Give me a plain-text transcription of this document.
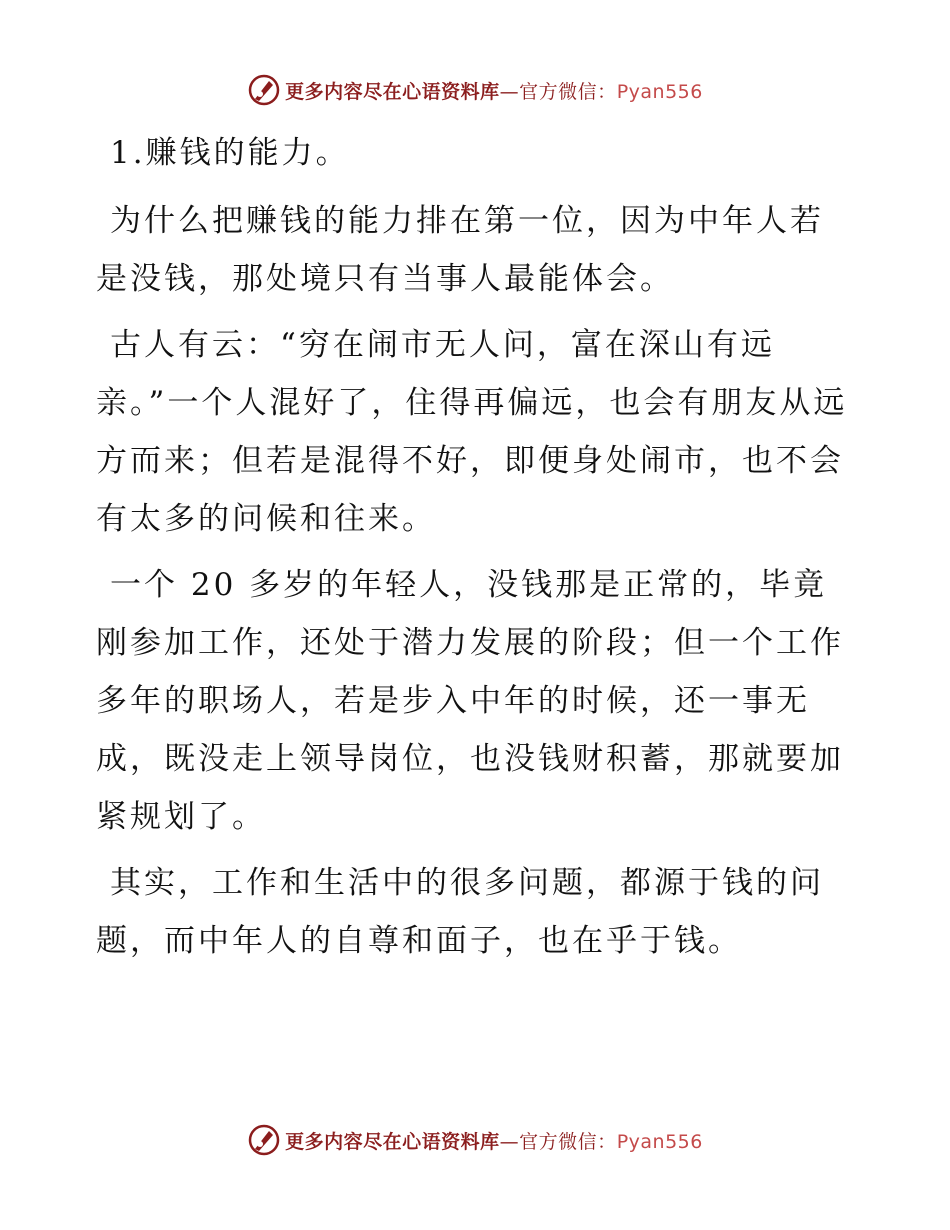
更多内容尽在心语资料库—官方微信：Pyan556

1.赚钱的能力。

为什么把赚钱的能力排在第一位，因为中年人若是没钱，那处境只有当事人最能体会。

古人有云：“穷在闹市无人问，富在深山有远亲。”一个人混好了，住得再偏远，也会有朋友从远方而来；但若是混得不好，即便身处闹市，也不会有太多的问候和往来。

一个 20 多岁的年轻人，没钱那是正常的，毕竟刚参加工作，还处于潜力发展的阶段；但一个工作多年的职场人，若是步入中年的时候，还一事无成，既没走上领导岗位，也没钱财积蓄，那就要加紧规划了。

其实，工作和生活中的很多问题，都源于钱的问题，而中年人的自尊和面子，也在乎于钱。

更多内容尽在心语资料库—官方微信：Pyan556
